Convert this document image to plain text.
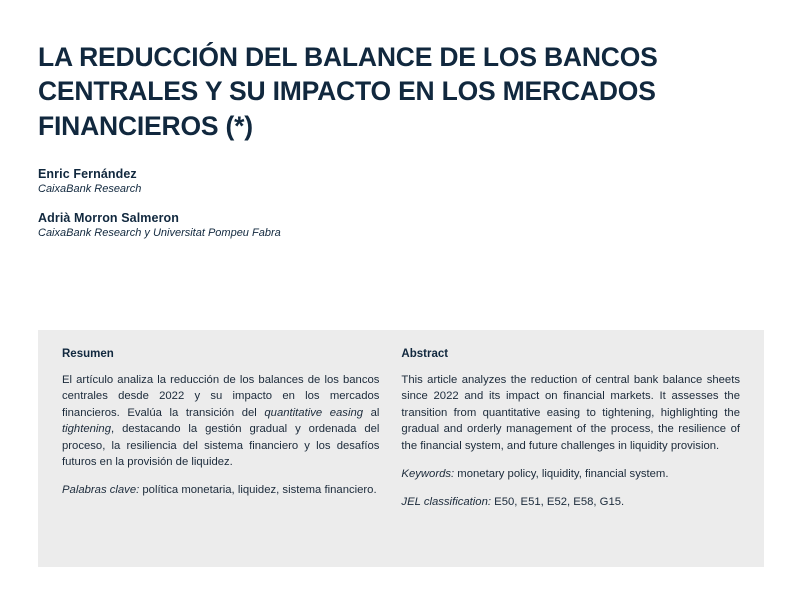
LA REDUCCIÓN DEL BALANCE DE LOS BANCOS CENTRALES Y SU IMPACTO EN LOS MERCADOS FINANCIEROS (*)
Enric Fernández
CaixaBank Research
Adrià Morron Salmeron
CaixaBank Research y Universitat Pompeu Fabra
Resumen

El artículo analiza la reducción de los balances de los bancos centrales desde 2022 y su impacto en los mercados financieros. Evalúa la transición del quantitative easing al tightening, destacando la gestión gradual y ordenada del proceso, la resiliencia del sistema financiero y los desafíos futuros en la provisión de liquidez.

Palabras clave: política monetaria, liquidez, sistema financiero.

Abstract

This article analyzes the reduction of central bank balance sheets since 2022 and its impact on financial markets. It assesses the transition from quantitative easing to tightening, highlighting the gradual and orderly management of the process, the resilience of the financial system, and future challenges in liquidity provision.

Keywords: monetary policy, liquidity, financial system.

JEL classification: E50, E51, E52, E58, G15.
